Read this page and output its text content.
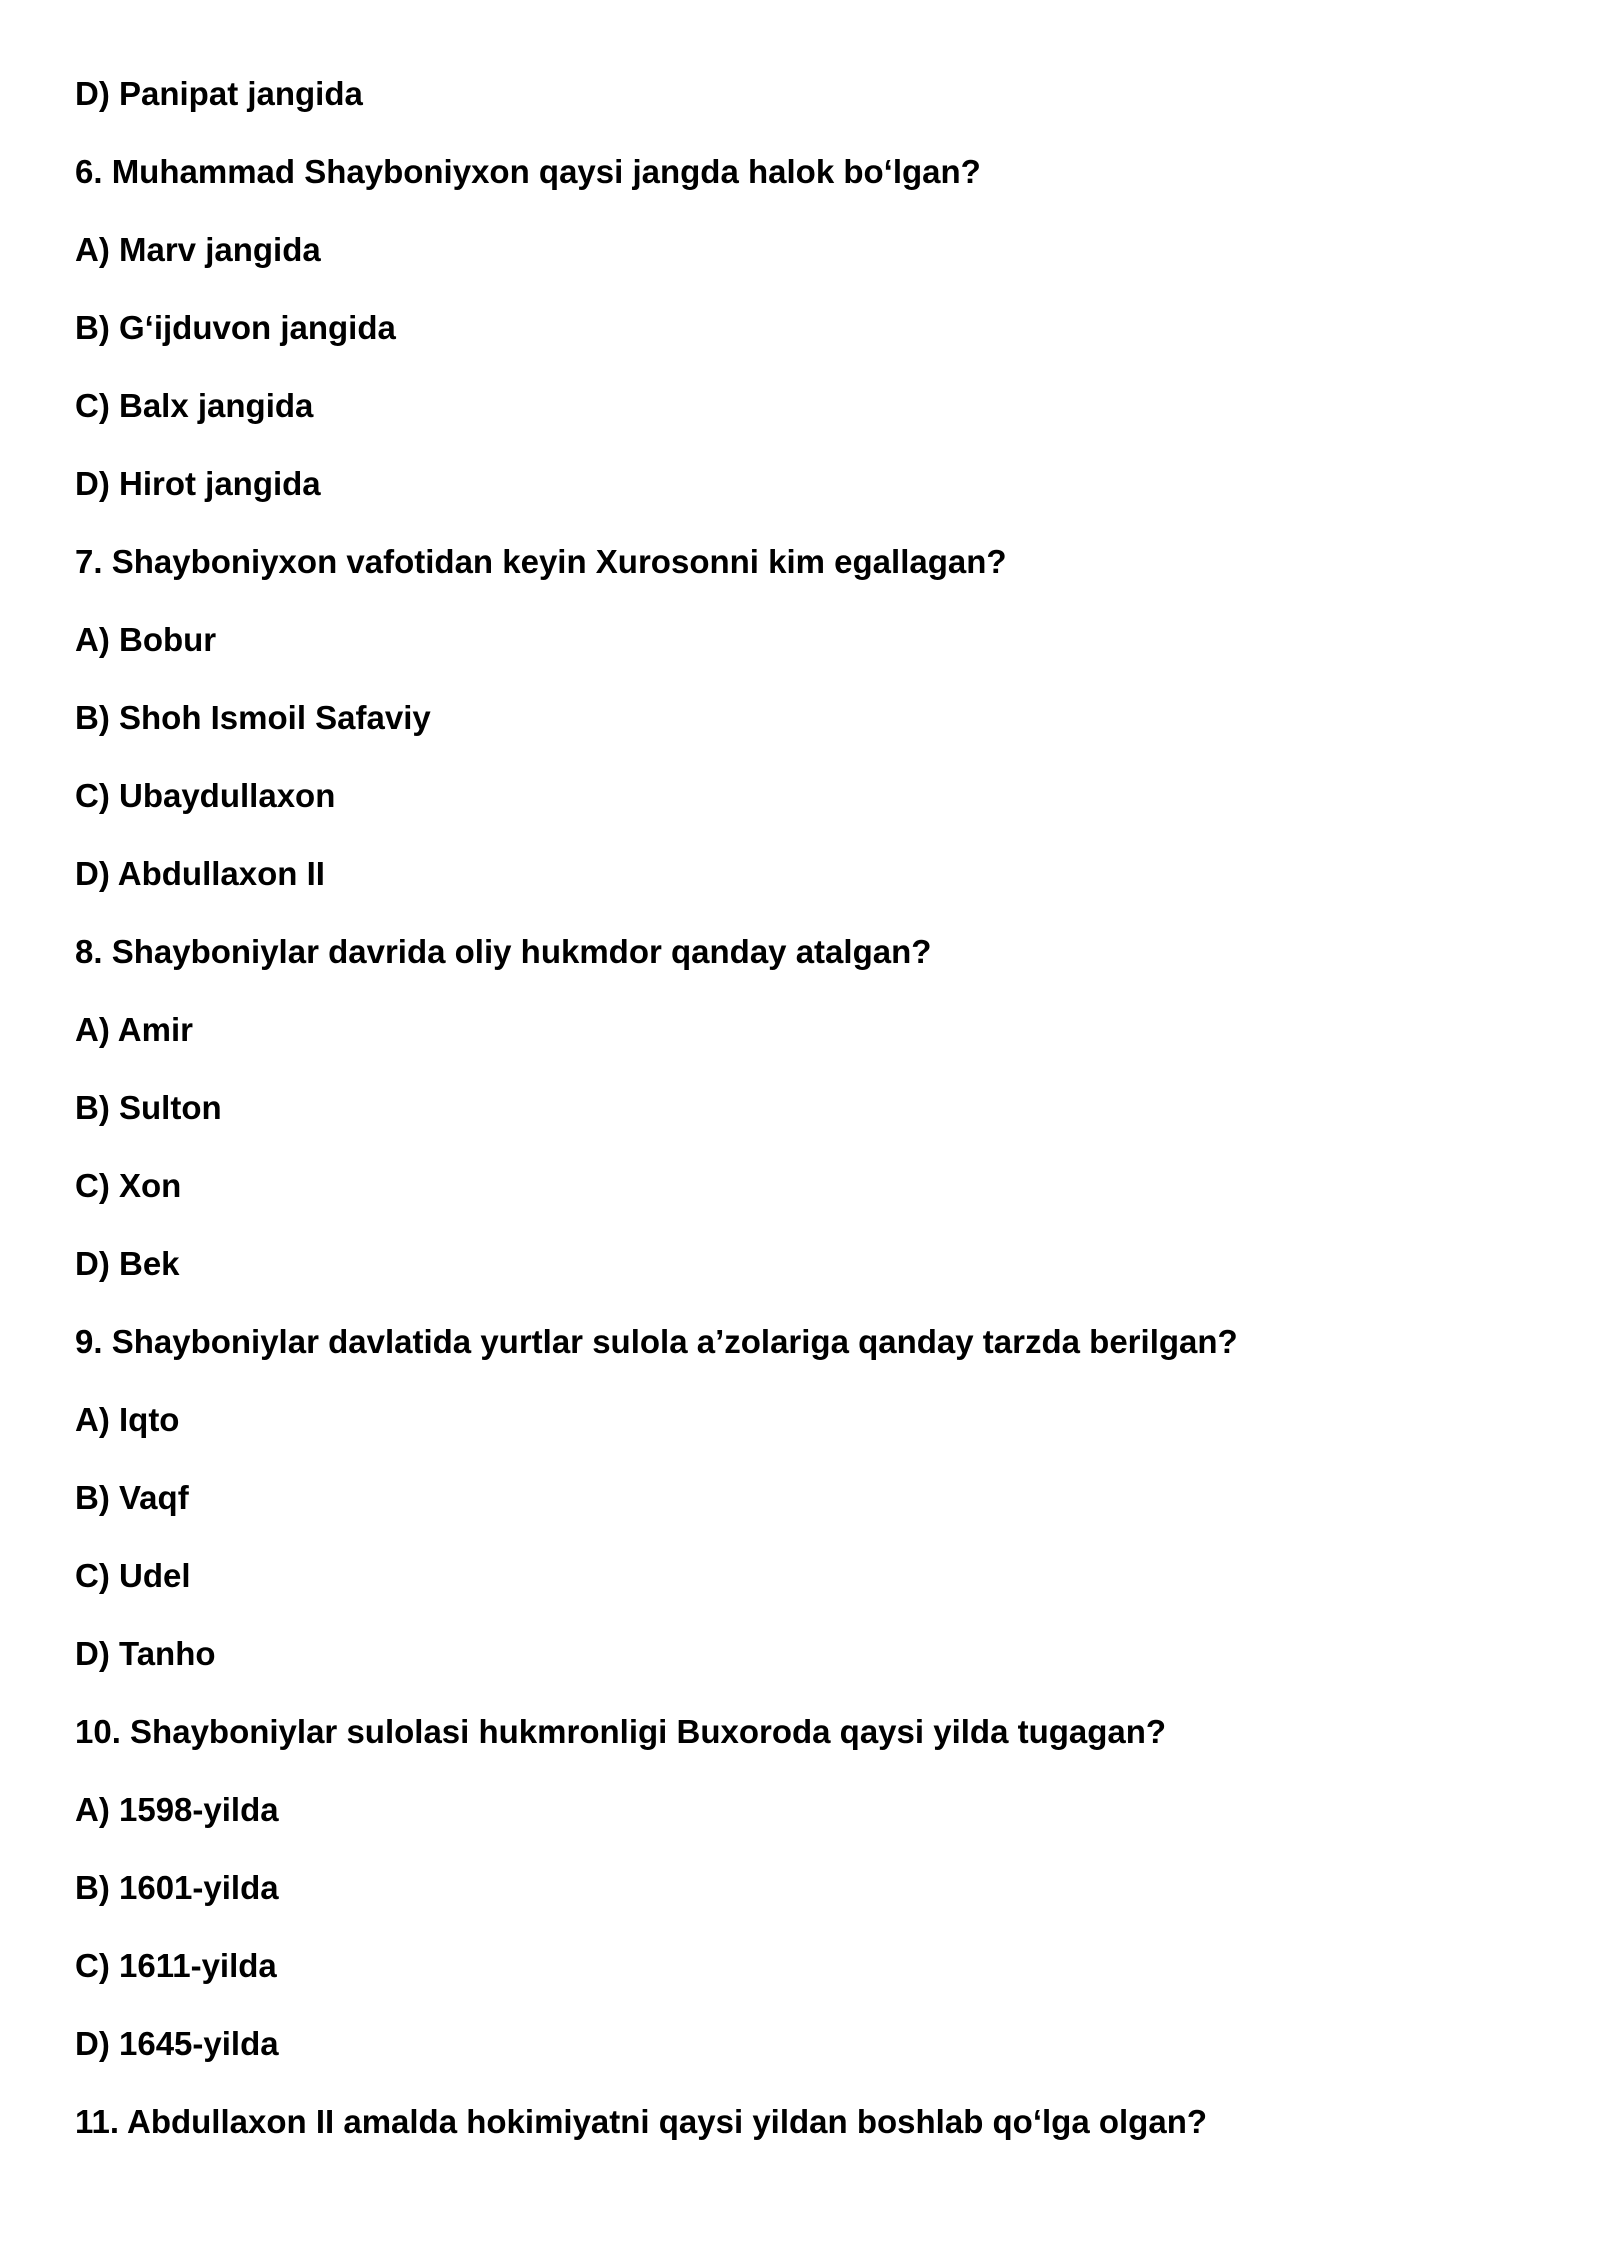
D) Panipat jangida
6. Muhammad Shayboniyxon qaysi jangda halok bo‘lgan?
A) Marv jangida
B) G‘ijduvon jangida
C) Balx jangida
D) Hirot jangida
7. Shayboniyxon vafotidan keyin Xurosonni kim egallagan?
A) Bobur
B) Shoh Ismoil Safaviy
C) Ubaydullaxon
D) Abdullaxon II
8. Shayboniylar davrida oliy hukmdor qanday atalgan?
A) Amir
B) Sulton
C) Xon
D) Bek
9. Shayboniylar davlatida yurtlar sulola a’zolariga qanday tarzda berilgan?
A) Iqto
B) Vaqf
C) Udel
D) Tanho
10. Shayboniylar sulolasi hukmronligi Buxoroda qaysi yilda tugagan?
A) 1598-yilda
B) 1601-yilda
C) 1611-yilda
D) 1645-yilda
11. Abdullaxon II amalda hokimiyatni qaysi yildan boshlab qo‘lga olgan?
